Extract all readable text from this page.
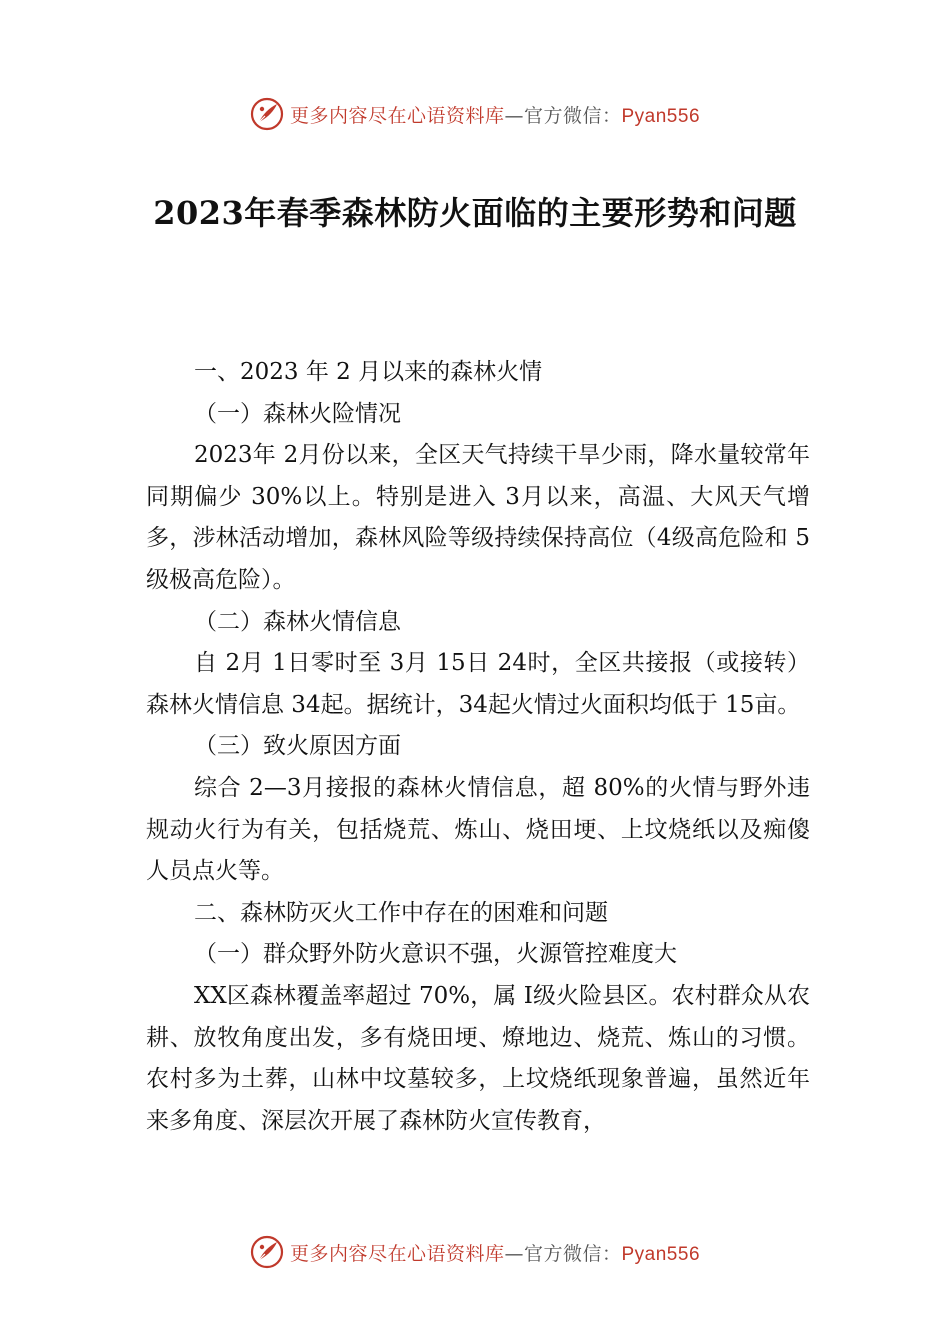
更多内容尽在心语资料库—官方微信：Pyan556
2023年春季森林防火面临的主要形势和问题

一、2023 年 2 月以来的森林火情

（一）森林火险情况

2023年 2月份以来，全区天气持续干旱少雨，降水量较常年同期偏少 30%以上。特别是进入 3月以来，高温、大风天气增多，涉林活动增加，森林风险等级持续保持高位（4级高危险和 5级极高危险）。

（二）森林火情信息

自 2月 1日零时至 3月 15日 24时，全区共接报（或接转）森林火情信息 34起。据统计，34起火情过火面积均低于 15亩。

（三）致火原因方面

综合 2—3月接报的森林火情信息，超 80%的火情与野外违规动火行为有关，包括烧荒、炼山、烧田埂、上坟烧纸以及痴傻人员点火等。

二、森林防灭火工作中存在的困难和问题

（一）群众野外防火意识不强，火源管控难度大

XX区森林覆盖率超过 70%，属 I级火险县区。农村群众从农耕、放牧角度出发，多有烧田埂、燎地边、烧荒、炼山的习惯。农村多为土葬，山林中坟墓较多，上坟烧纸现象普遍，虽然近年来多角度、深层次开展了森林防火宣传教育，

更多内容尽在心语资料库—官方微信：Pyan556
